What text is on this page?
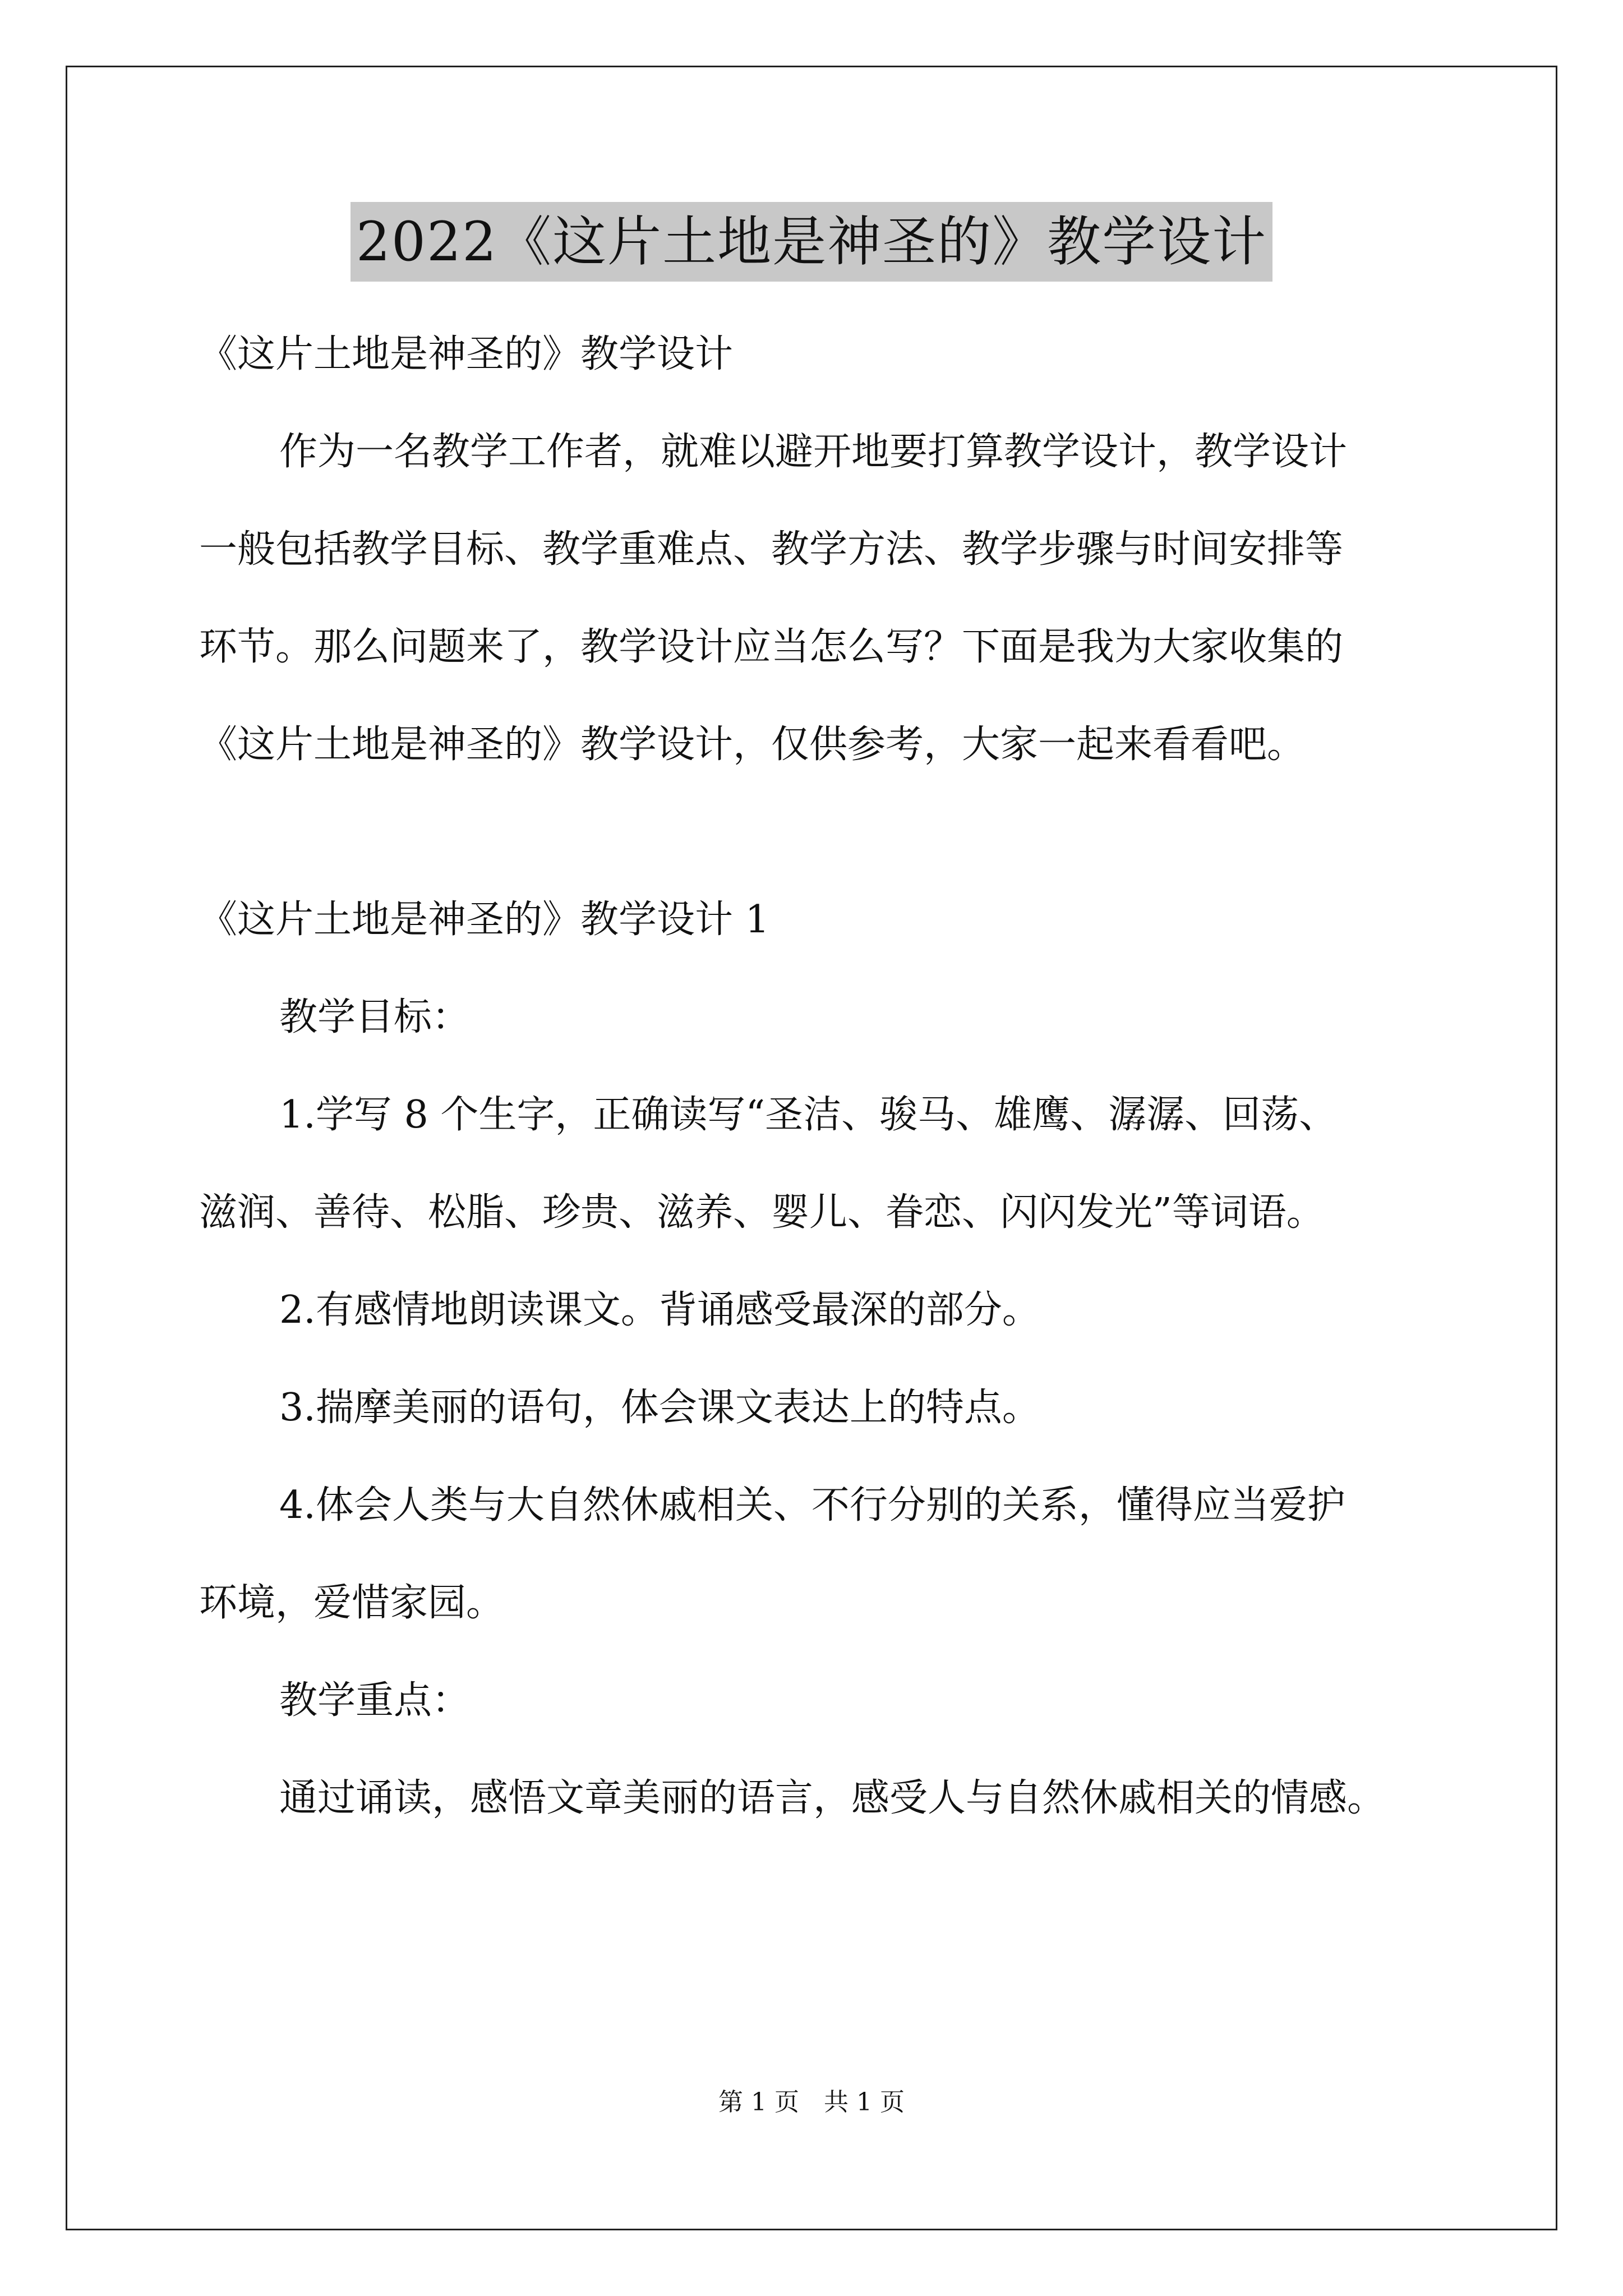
2022《这片土地是神圣的》教学设计

《这片土地是神圣的》教学设计

作为一名教学工作者，就难以避开地要打算教学设计，教学设计
一般包括教学目标、教学重难点、教学方法、教学步骤与时间安排等
环节。那么问题来了，教学设计应当怎么写？下面是我为大家收集的
《这片土地是神圣的》教学设计，仅供参考，大家一起来看看吧。

《这片土地是神圣的》教学设计 1

教学目标：

1.学写 8 个生字，正确读写“圣洁、骏马、雄鹰、潺潺、回荡、
滋润、善待、松脂、珍贵、滋养、婴儿、眷恋、闪闪发光”等词语。

2.有感情地朗读课文。背诵感受最深的部分。

3.揣摩美丽的语句，体会课文表达上的特点。

4.体会人类与大自然休戚相关、不行分别的关系，懂得应当爱护
环境，爱惜家园。

教学重点：

通过诵读，感悟文章美丽的语言，感受人与自然休戚相关的情感。

第 1 页　共 1 页
